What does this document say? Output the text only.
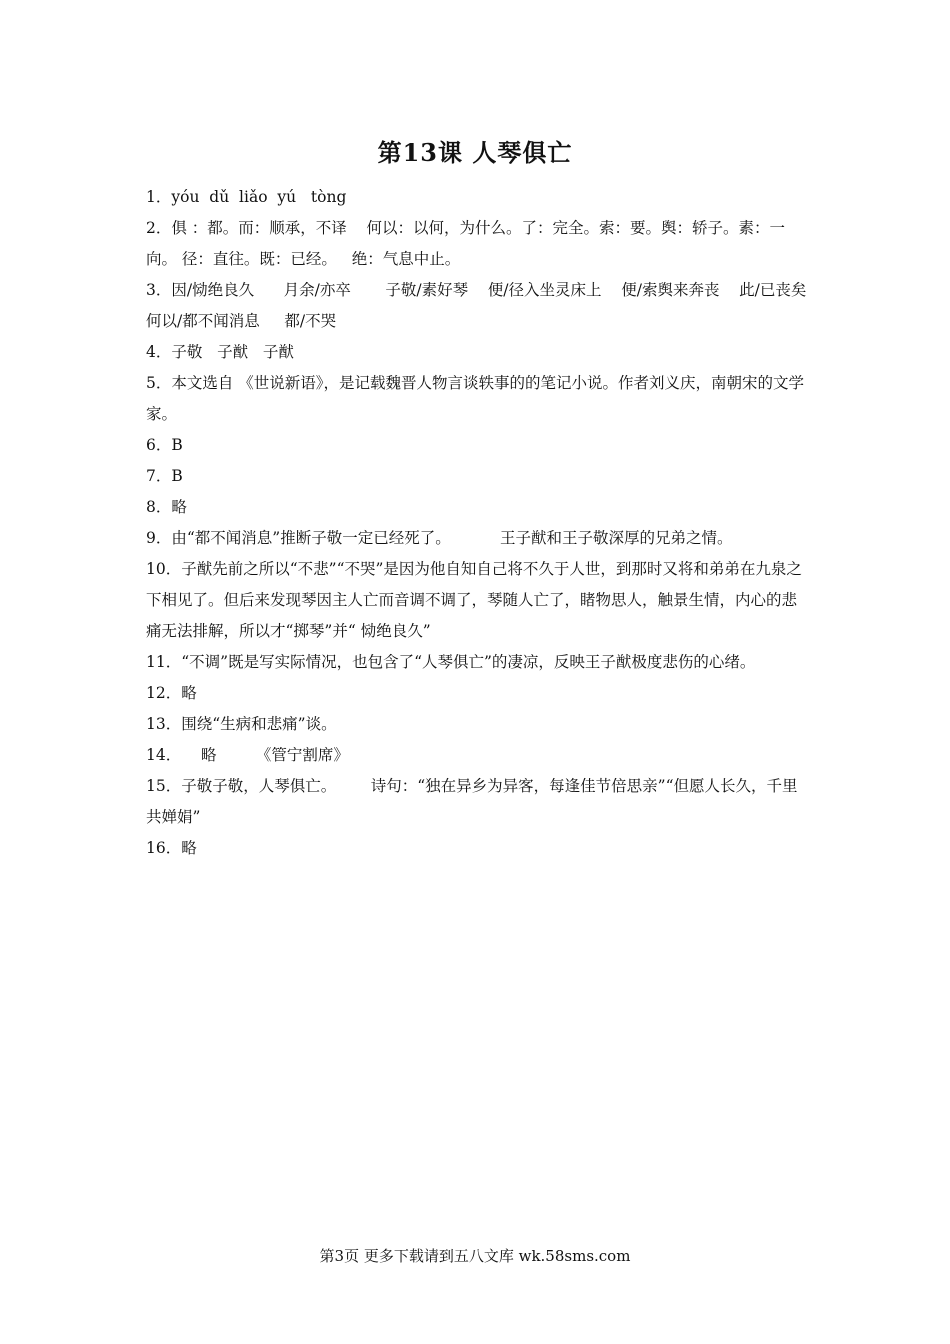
第13课 人琴俱亡
1．yóu  dǔ  liǎo  yú   tòng
2．俱 ：都。而：顺承，不译    何以：以何，为什么。了：完全。索：要。舆：轿子。素：一向。 径：直往。既：已经。   绝：气息中止。
3．因/恸绝良久      月余/亦卒       子敬/素好琴    便/径入坐灵床上    便/索舆来奔丧    此/已丧矣              何以/都不闻消息     都/不哭
4．子敬   子猷   子猷
5．本文选自 《世说新语》，是记载魏晋人物言谈轶事的的笔记小说。作者刘义庆，南朝宋的文学家。
6．B
7．B
8．略
9．由“都不闻消息”推断子敬一定已经死了。          王子猷和王子敬深厚的兄弟之情。
10．子猷先前之所以“不悲”“不哭”是因为他自知自己将不久于人世，到那时又将和弟弟在九泉之下相见了。但后来发现琴因主人亡而音调不调了，琴随人亡了，睹物思人，触景生情，内心的悲痛无法排解，所以才“掷琴”并“ 恸绝良久”
11．“不调”既是写实际情况，也包含了“人琴俱亡”的凄凉，反映王子猷极度悲伤的心绪。
12．略
13．围绕“生病和悲痛”谈。
14．    略        《管宁割席》
15．子敬子敬，人琴俱亡。       诗句：“独在异乡为异客，每逢佳节倍思亲”“但愿人长久，千里共婵娟”
16．略
第3页 更多下载请到五八文库 wk.58sms.com
